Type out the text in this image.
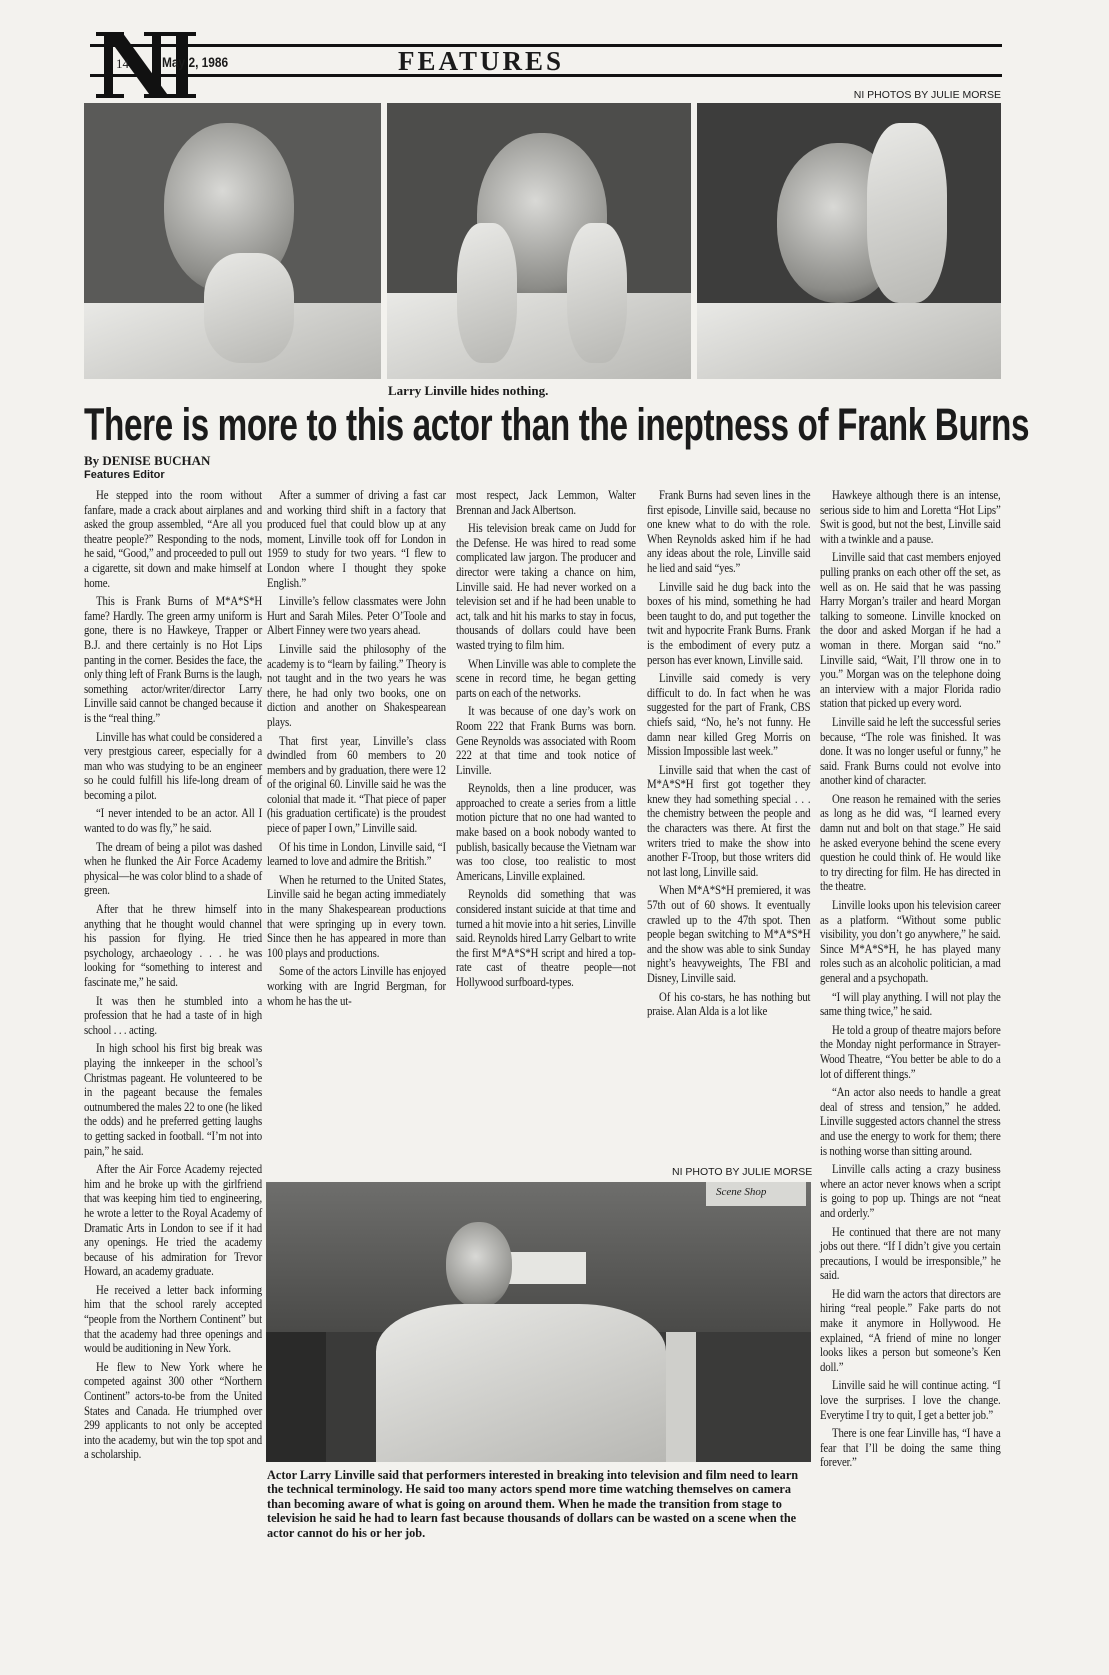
14 May 2, 1986	FEATURES
NI PHOTOS BY JULIE MORSE
Larry Linville hides nothing.
There is more to this actor than the ineptness of Frank Burns
By DENISE BUCHAN
Features Editor

He stepped into the room without fanfare, made a crack about airplanes and asked the group assembled, “Are all you theatre people?” Responding to the nods, he said, “Good,” and proceeded to pull out a cigarette, sit down and make himself at home.

This is Frank Burns of M*A*S*H fame? Hardly. The green army uniform is gone, there is no Hawkeye, Trapper or B.J. and there certainly is no Hot Lips panting in the corner. Besides the face, the only thing left of Frank Burns is the laugh, something actor/writer/director Larry Linville said cannot be changed because it is the “real thing.”

Linville has what could be considered a very prestgious career, especially for a man who was studying to be an engineer so he could fulfill his life-long dream of becoming a pilot.

“I never intended to be an actor. All I wanted to do was fly,” he said.

The dream of being a pilot was dashed when he flunked the Air Force Academy physical—he was color blind to a shade of green.

After that he threw himself into anything that he thought would channel his passion for flying. He tried psychology, archaeology . . . he was looking for “something to interest and fascinate me,” he said.

It was then he stumbled into a profession that he had a taste of in high school . . . acting.

In high school his first big break was playing the innkeeper in the school’s Christmas pageant. He volunteered to be in the pageant because the females outnumbered the males 22 to one (he liked the odds) and he preferred getting laughs to getting sacked in football. “I’m not into pain,” he said.

After the Air Force Academy rejected him and he broke up with the girlfriend that was keeping him tied to engineering, he wrote a letter to the Royal Academy of Dramatic Arts in London to see if it had any openings. He tried the academy because of his admiration for Trevor Howard, an academy graduate.

He received a letter back informing him that the school rarely accepted “people from the Northern Continent” but that the academy had three openings and would be auditioning in New York.

He flew to New York where he competed against 300 other “Northern Continent” actors-to-be from the United States and Canada. He triumphed over 299 applicants to not only be accepted into the academy, but win the top spot and a scholarship.

After a summer of driving a fast car and working third shift in a factory that produced fuel that could blow up at any moment, Linville took off for London in 1959 to study for two years. “I flew to London where I thought they spoke English.”

Linville’s fellow classmates were John Hurt and Sarah Miles. Peter O’Toole and Albert Finney were two years ahead.

Linville said the philosophy of the academy is to “learn by failing.” Theory is not taught and in the two years he was there, he had only two books, one on diction and another on Shakespearean plays.

That first year, Linville’s class dwindled from 60 members to 20 members and by graduation, there were 12 of the original 60. Linville said he was the colonial that made it. “That piece of paper (his graduation certificate) is the proudest piece of paper I own,” Linville said.

Of his time in London, Linville said, “I learned to love and admire the British.”

When he returned to the United States, Linville said he began acting immediately in the many Shakespearean productions that were springing up in every town. Since then he has appeared in more than 100 plays and productions.

Some of the actors Linville has enjoyed working with are Ingrid Bergman, for whom he has the ut-

most respect, Jack Lemmon, Walter Brennan and Jack Albertson.

His television break came on Judd for the Defense. He was hired to read some complicated law jargon. The producer and director were taking a chance on him, Linville said. He had never worked on a television set and if he had been unable to act, talk and hit his marks to stay in focus, thousands of dollars could have been wasted trying to film him.

When Linville was able to complete the scene in record time, he began getting parts on each of the networks.

It was because of one day’s work on Room 222 that Frank Burns was born. Gene Reynolds was associated with Room 222 at that time and took notice of Linville.

Reynolds, then a line producer, was approached to create a series from a little motion picture that no one had wanted to make based on a book nobody wanted to publish, basically because the Vietnam war was too close, too realistic to most Americans, Linville explained.

Reynolds did something that was considered instant suicide at that time and turned a hit movie into a hit series, Linville said. Reynolds hired Larry Gelbart to write the first M*A*S*H script and hired a top-rate cast of theatre people—not Hollywood surfboard-types.

Frank Burns had seven lines in the first episode, Linville said, because no one knew what to do with the role. When Reynolds asked him if he had any ideas about the role, Linville said he lied and said “yes.”

Linville said he dug back into the boxes of his mind, something he had been taught to do, and put together the twit and hypocrite Frank Burns. Frank is the embodiment of every putz a person has ever known, Linville said.

Linville said comedy is very difficult to do. In fact when he was suggested for the part of Frank, CBS chiefs said, “No, he’s not funny. He damn near killed Greg Morris on Mission Impossible last week.”

Linville said that when the cast of M*A*S*H first got together they knew they had something special . . . the chemistry between the people and the characters was there. At first the writers tried to make the show into another F-Troop, but those writers did not last long, Linville said.

When M*A*S*H premiered, it was 57th out of 60 shows. It eventually crawled up to the 47th spot. Then people began switching to M*A*S*H and the show was able to sink Sunday night’s heavyweights, The FBI and Disney, Linville said.

Of his co-stars, he has nothing but praise. Alan Alda is a lot like

Hawkeye although there is an intense, serious side to him and Loretta “Hot Lips” Swit is good, but not the best, Linville said with a twinkle and a pause.

Linville said that cast members enjoyed pulling pranks on each other off the set, as well as on. He said that he was passing Harry Morgan’s trailer and heard Morgan talking to someone. Linville knocked on the door and asked Morgan if he had a woman in there. Morgan said “no.” Linville said, “Wait, I’ll throw one in to you.” Morgan was on the telephone doing an interview with a major Florida radio station that picked up every word.

Linville said he left the successful series because, “The role was finished. It was done. It was no longer useful or funny,” he said. Frank Burns could not evolve into another kind of character.

One reason he remained with the series as long as he did was, “I learned every damn nut and bolt on that stage.” He said he asked everyone behind the scene every question he could think of. He would like to try directing for film. He has directed in the theatre.

Linville looks upon his television career as a platform. “Without some public visibility, you don’t go anywhere,” he said. Since M*A*S*H, he has played many roles such as an alcoholic politician, a mad general and a psychopath.

“I will play anything. I will not play the same thing twice,” he said.

He told a group of theatre majors before the Monday night performance in Strayer-Wood Theatre, “You better be able to do a lot of different things.”

“An actor also needs to handle a great deal of stress and tension,” he added. Linville suggested actors channel the stress and use the energy to work for them; there is nothing worse than sitting around.

Linville calls acting a crazy business where an actor never knows when a script is going to pop up. Things are not “neat and orderly.”

He continued that there are not many jobs out there. “If I didn’t give you certain precautions, I would be irresponsible,” he said.

He did warn the actors that directors are hiring “real people.” Fake parts do not make it anymore in Hollywood. He explained, “A friend of mine no longer looks likes a person but someone’s Ken doll.”

Linville said he will continue acting. “I love the surprises. I love the change. Everytime I try to quit, I get a better job.”

There is one fear Linville has, “I have a fear that I’ll be doing the same thing forever.”

NI PHOTO BY JULIE MORSE
Scene Shop
Actor Larry Linville said that performers interested in breaking into television and film need to learn the technical terminology. He said too many actors spend more time watching themselves on camera than becoming aware of what is going on around them. When he made the transition from stage to television he said he had to learn fast because thousands of dollars can be wasted on a scene when the actor cannot do his or her job.
